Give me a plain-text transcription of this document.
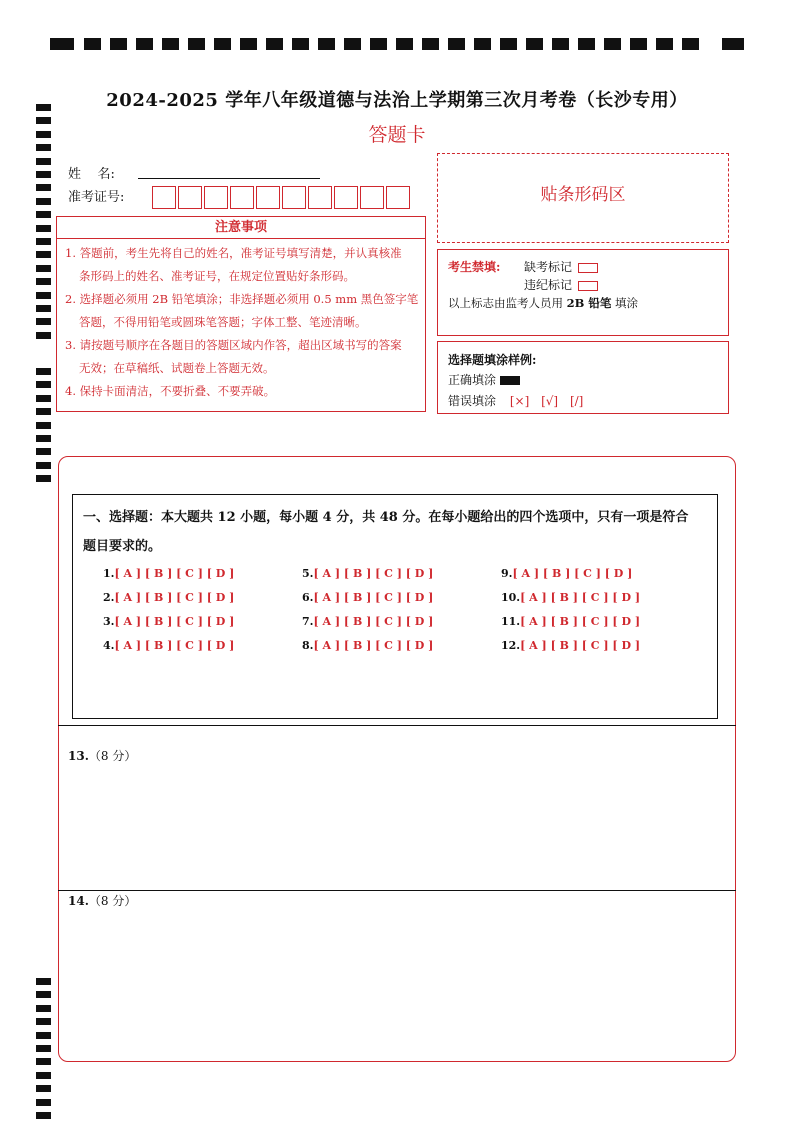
2024-2025 学年八年级道德与法治上学期第三次月考卷（长沙专用）
答题卡
姓    名:
准考证号:
注意事项
1. 答题前，考生先将自己的姓名，准考证号填写清楚，并认真核准
条形码上的姓名、准考证号，在规定位置贴好条形码。
2. 选择题必须用 2B 铅笔填涂；非选择题必须用 0.5 mm 黑色签字笔
答题，不得用铅笔或圆珠笔答题；字体工整、笔迹清晰。
3. 请按题号顺序在各题目的答题区域内作答，超出区域书写的答案
无效；在草稿纸、试题卷上答题无效。
4. 保持卡面清洁，不要折叠、不要弄破。
贴条形码区
考生禁填: 缺考标记
违纪标记
以上标志由监考人员用 2B 铅笔 填涂
选择题填涂样例:
正确填涂
错误填涂 [×] [√] [/]
一、选择题：本大题共 12 小题，每小题 4 分，共 48 分。在每小题给出的四个选项中，只有一项是符合
题目要求的。
1.[ A ] [ B ] [ C ] [ D ]
2.[ A ] [ B ] [ C ] [ D ]
3.[ A ] [ B ] [ C ] [ D ]
4.[ A ] [ B ] [ C ] [ D ]
5.[ A ] [ B ] [ C ] [ D ]
6.[ A ] [ B ] [ C ] [ D ]
7.[ A ] [ B ] [ C ] [ D ]
8.[ A ] [ B ] [ C ] [ D ]
9.[ A ] [ B ] [ C ] [ D ]
10.[ A ] [ B ] [ C ] [ D ]
11.[ A ] [ B ] [ C ] [ D ]
12.[ A ] [ B ] [ C ] [ D ]
13.（8 分）
14.（8 分）
